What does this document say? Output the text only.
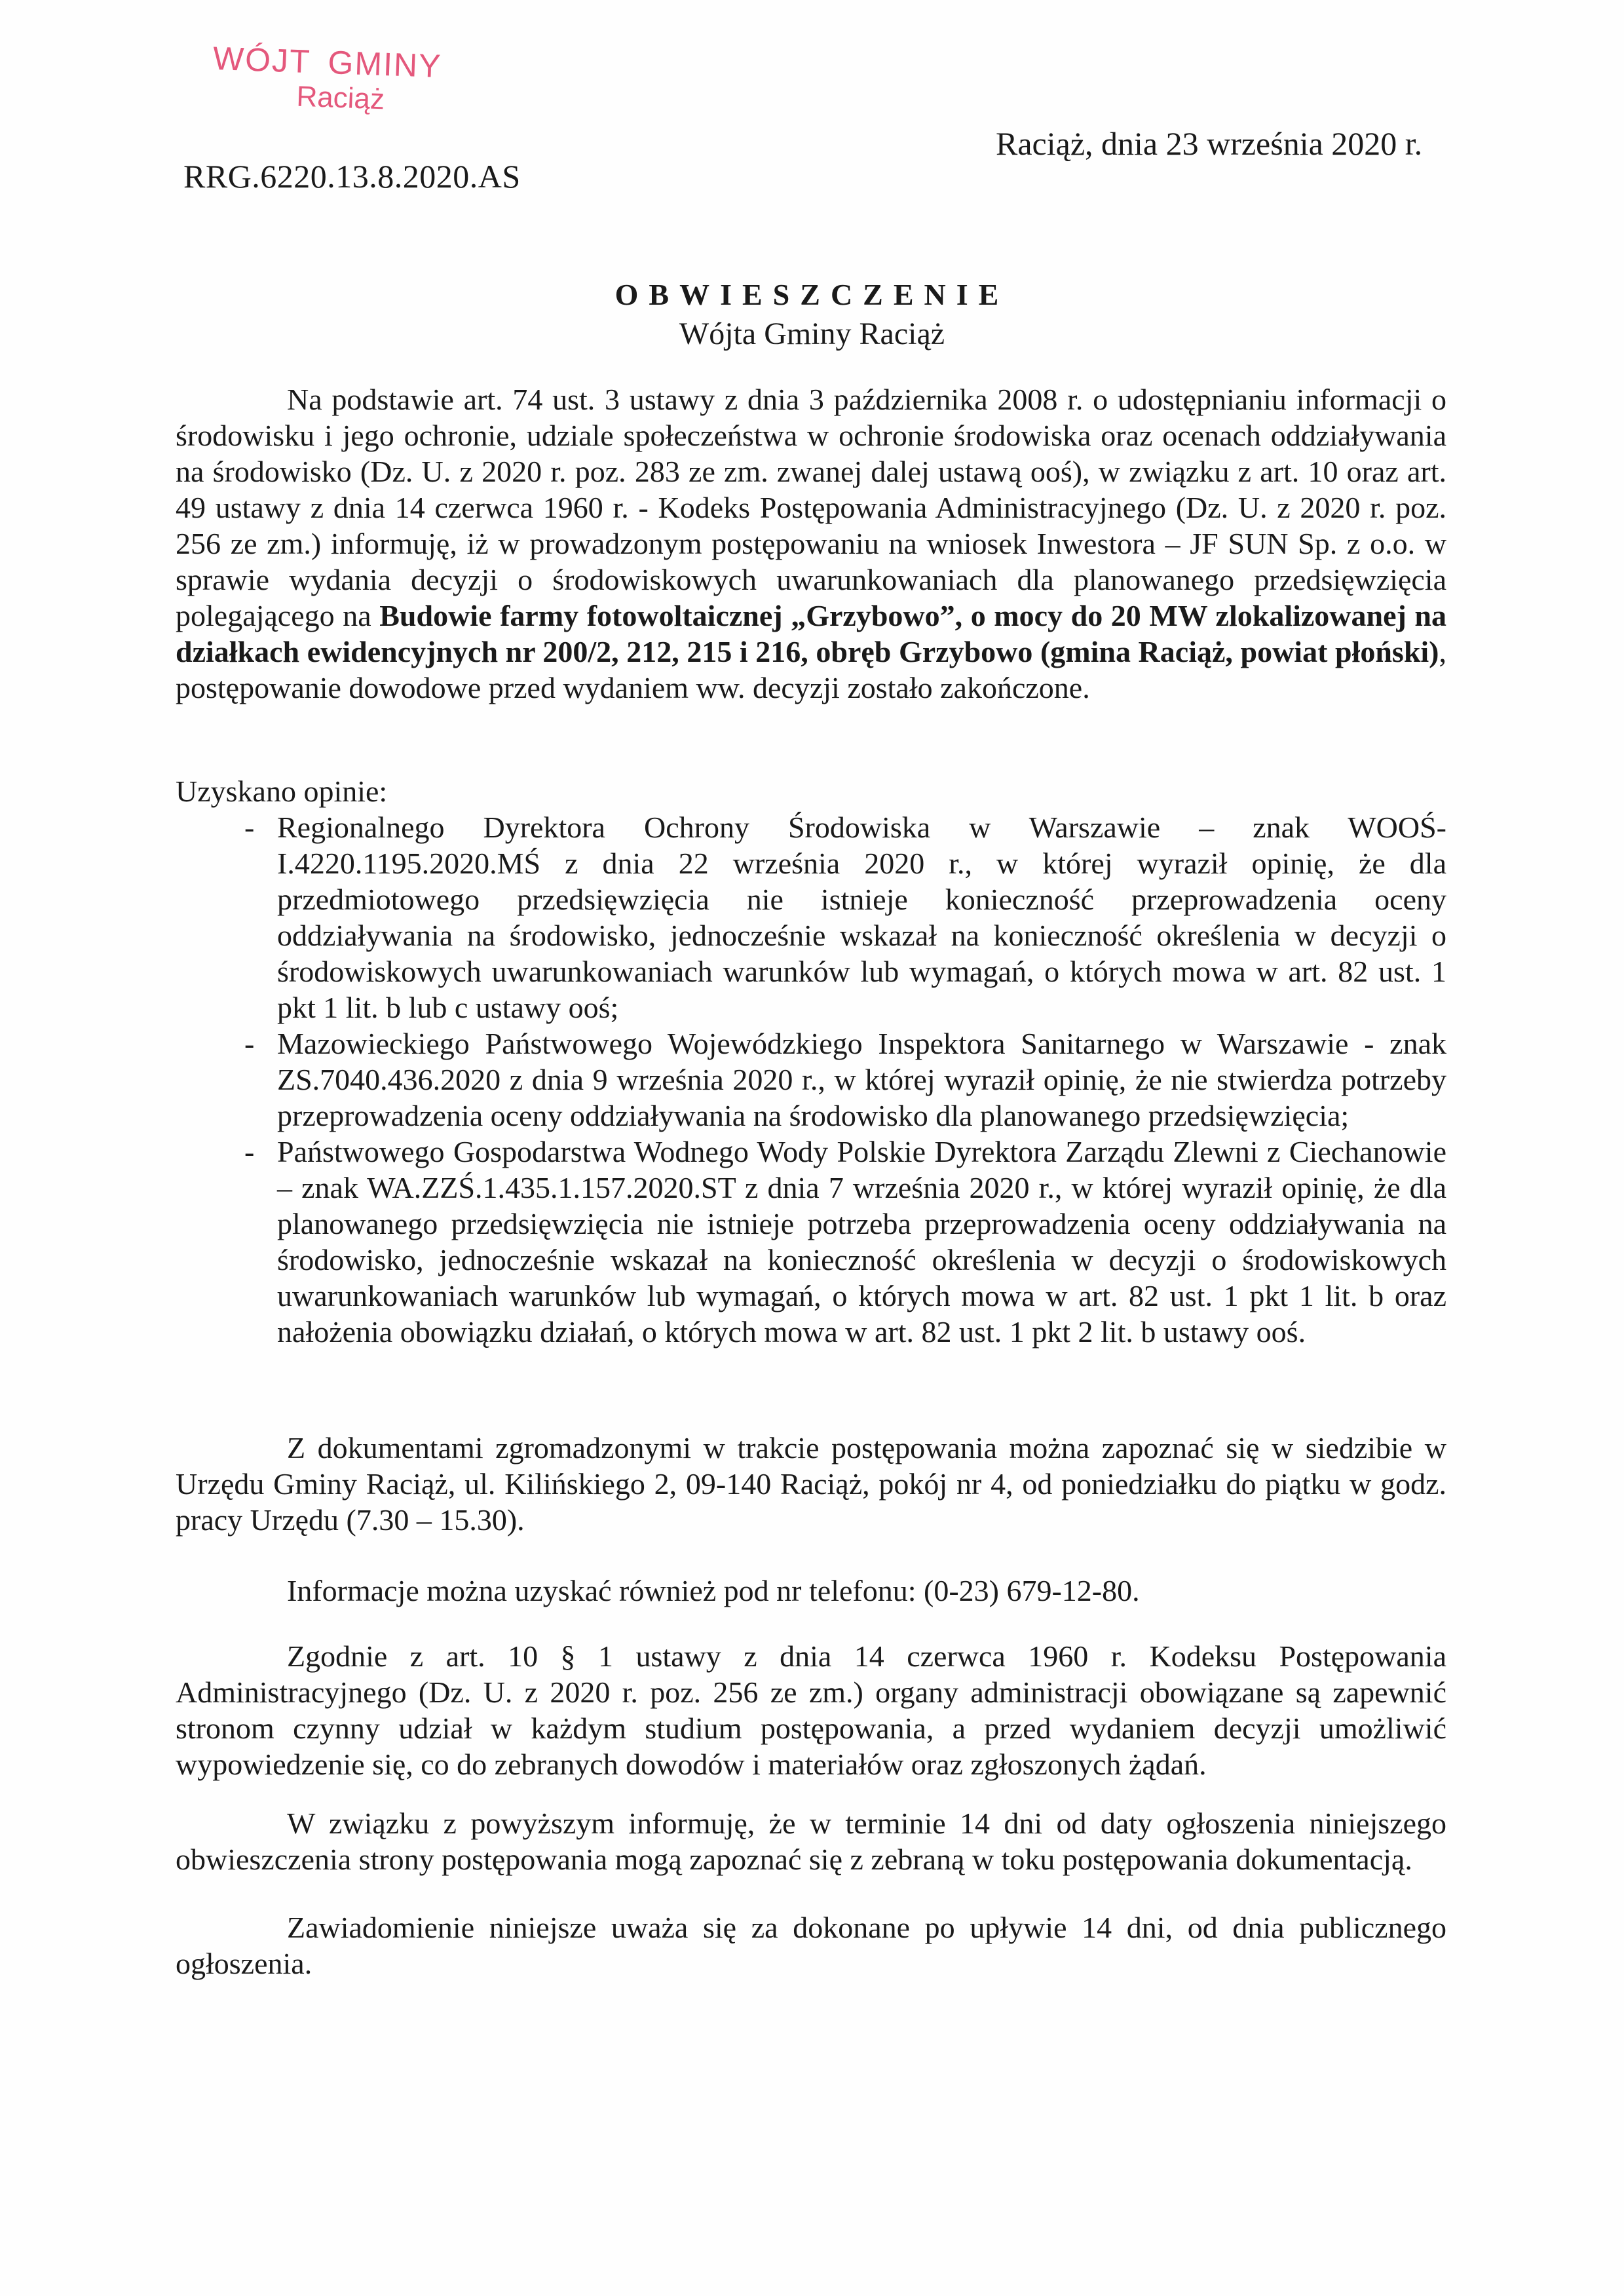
WÓJT GMINY
Raciąż
RRG.6220.13.8.2020.AS
Raciąż, dnia 23 września 2020 r.
OBWIESZCZENIE
Wójta Gminy Raciąż

Na podstawie art. 74 ust. 3 ustawy z dnia 3 października 2008 r. o udostępnianiu informacji o środowisku i jego ochronie, udziale społeczeństwa w ochronie środowiska oraz ocenach oddziaływania na środowisko (Dz. U. z 2020 r. poz. 283 ze zm. zwanej dalej ustawą ooś), w związku z art. 10 oraz art. 49 ustawy z dnia 14 czerwca 1960 r. - Kodeks Postępowania Administracyjnego (Dz. U. z 2020 r. poz. 256 ze zm.) informuję, iż w prowadzonym postępowaniu na wniosek Inwestora – JF SUN Sp. z o.o. w sprawie wydania decyzji o środowiskowych uwarunkowaniach dla planowanego przedsięwzięcia polegającego na Budowie farmy fotowoltaicznej „Grzybowo”, o mocy do 20 MW zlokalizowanej na działkach ewidencyjnych nr 200/2, 212, 215 i 216, obręb Grzybowo (gmina Raciąż, powiat płoński), postępowanie dowodowe przed wydaniem ww. decyzji zostało zakończone.

Uzyskano opinie:

- Regionalnego Dyrektora Ochrony Środowiska w Warszawie – znak WOOŚ-I.4220.1195.2020.MŚ z dnia 22 września 2020 r., w której wyraził opinię, że dla przedmiotowego przedsięwzięcia nie istnieje konieczność przeprowadzenia oceny oddziaływania na środowisko, jednocześnie wskazał na konieczność określenia w decyzji o środowiskowych uwarunkowaniach warunków lub wymagań, o których mowa w art. 82 ust. 1 pkt 1 lit. b lub c ustawy ooś;
- Mazowieckiego Państwowego Wojewódzkiego Inspektora Sanitarnego w Warszawie - znak ZS.7040.436.2020 z dnia 9 września 2020 r., w której wyraził opinię, że nie stwierdza potrzeby przeprowadzenia oceny oddziaływania na środowisko dla planowanego przedsięwzięcia;
- Państwowego Gospodarstwa Wodnego Wody Polskie Dyrektora Zarządu Zlewni z Ciechanowie – znak WA.ZZŚ.1.435.1.157.2020.ST z dnia 7 września 2020 r., w której wyraził opinię, że dla planowanego przedsięwzięcia nie istnieje potrzeba przeprowadzenia oceny oddziaływania na środowisko, jednocześnie wskazał na konieczność określenia w decyzji o środowiskowych uwarunkowaniach warunków lub wymagań, o których mowa w art. 82 ust. 1 pkt 1 lit. b oraz nałożenia obowiązku działań, o których mowa w art. 82 ust. 1 pkt 2 lit. b ustawy ooś.

Z dokumentami zgromadzonymi w trakcie postępowania można zapoznać się w siedzibie w Urzędu Gminy Raciąż, ul. Kilińskiego 2, 09-140 Raciąż, pokój nr 4, od poniedziałku do piątku w godz. pracy Urzędu (7.30 – 15.30).

Informacje można uzyskać również pod nr telefonu: (0-23) 679-12-80.

Zgodnie z art. 10 § 1 ustawy z dnia 14 czerwca 1960 r. Kodeksu Postępowania Administracyjnego (Dz. U. z 2020 r. poz. 256 ze zm.) organy administracji obowiązane są zapewnić stronom czynny udział w każdym studium postępowania, a przed wydaniem decyzji umożliwić wypowiedzenie się, co do zebranych dowodów i materiałów oraz zgłoszonych żądań.

W związku z powyższym informuję, że w terminie 14 dni od daty ogłoszenia niniejszego obwieszczenia strony postępowania mogą zapoznać się z zebraną w toku postępowania dokumentacją.

Zawiadomienie niniejsze uważa się za dokonane po upływie 14 dni, od dnia publicznego ogłoszenia.
